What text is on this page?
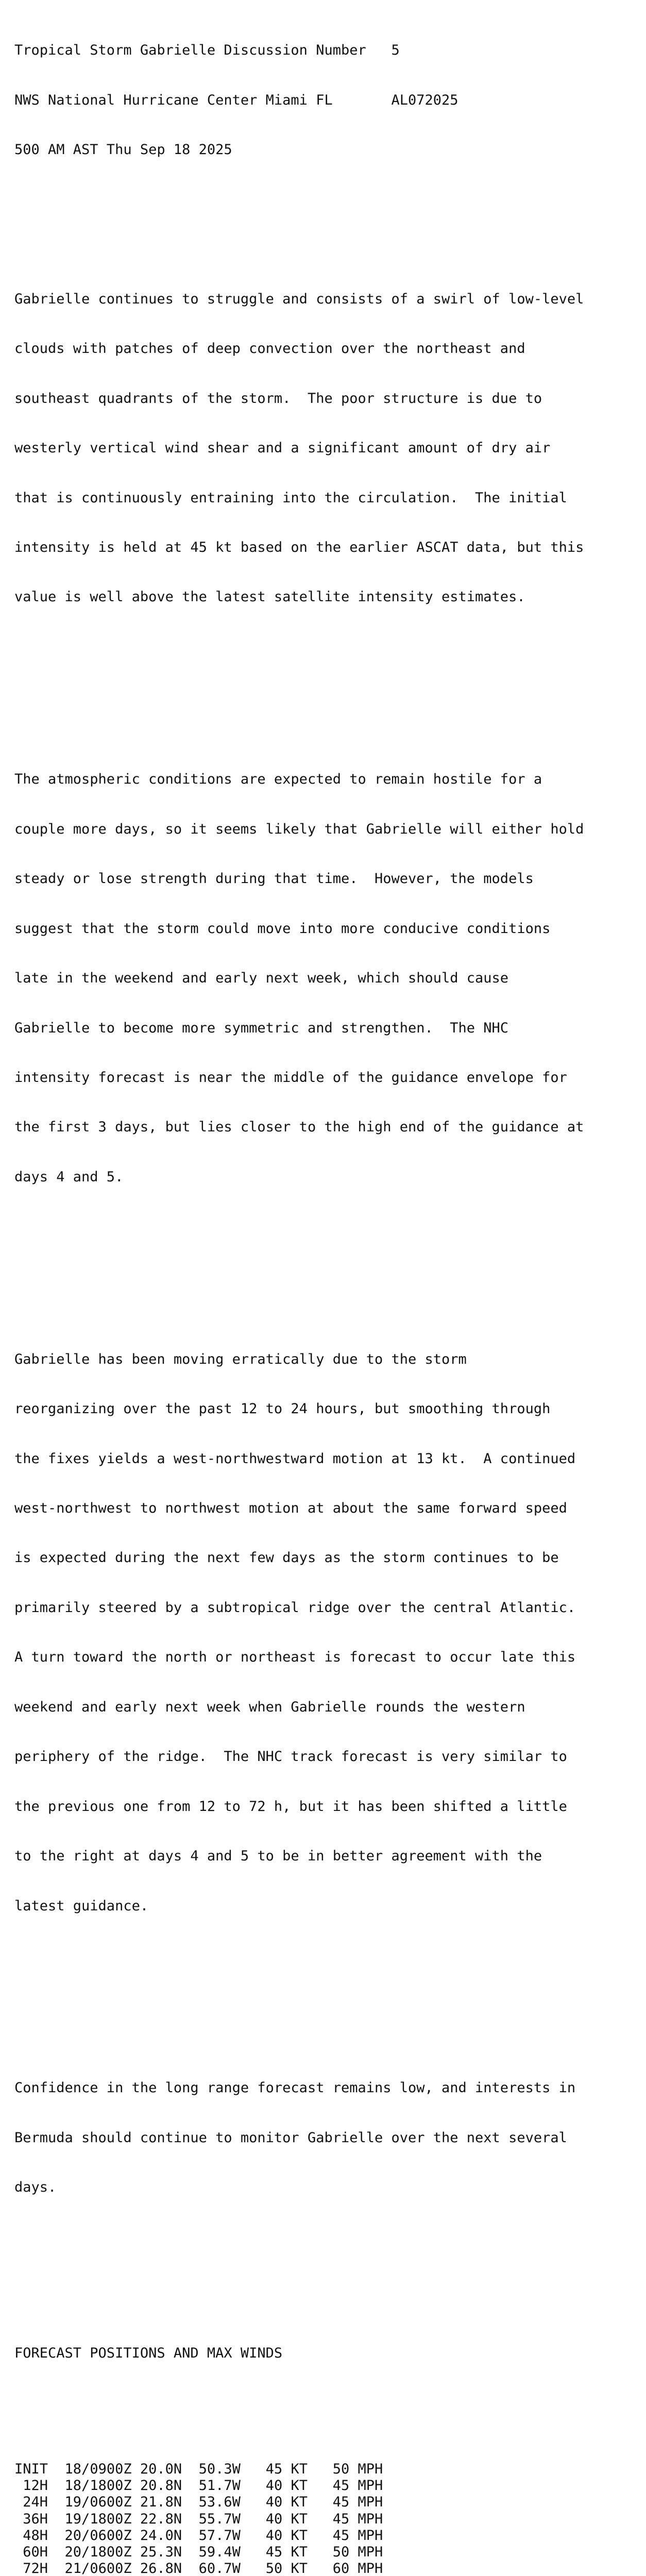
Tropical Storm Gabrielle Discussion Number   5

NWS National Hurricane Center Miami FL       AL072025

500 AM AST Thu Sep 18 2025

Gabrielle continues to struggle and consists of a swirl of low-level

clouds with patches of deep convection over the northeast and

southeast quadrants of the storm.  The poor structure is due to

westerly vertical wind shear and a significant amount of dry air

that is continuously entraining into the circulation.  The initial

intensity is held at 45 kt based on the earlier ASCAT data, but this

value is well above the latest satellite intensity estimates.

The atmospheric conditions are expected to remain hostile for a

couple more days, so it seems likely that Gabrielle will either hold

steady or lose strength during that time.  However, the models

suggest that the storm could move into more conducive conditions

late in the weekend and early next week, which should cause

Gabrielle to become more symmetric and strengthen.  The NHC

intensity forecast is near the middle of the guidance envelope for

the first 3 days, but lies closer to the high end of the guidance at

days 4 and 5.

Gabrielle has been moving erratically due to the storm

reorganizing over the past 12 to 24 hours, but smoothing through

the fixes yields a west-northwestward motion at 13 kt.  A continued

west-northwest to northwest motion at about the same forward speed

is expected during the next few days as the storm continues to be

primarily steered by a subtropical ridge over the central Atlantic.

A turn toward the north or northeast is forecast to occur late this

weekend and early next week when Gabrielle rounds the western

periphery of the ridge.  The NHC track forecast is very similar to

the previous one from 12 to 72 h, but it has been shifted a little

to the right at days 4 and 5 to be in better agreement with the

latest guidance.

Confidence in the long range forecast remains low, and interests in

Bermuda should continue to monitor Gabrielle over the next several

days.

FORECAST POSITIONS AND MAX WINDS

INIT 18/0900Z 20.0N 50.3W 45 KT 50 MPH
12H 18/1800Z 20.8N 51.7W 40 KT 45 MPH
24H 19/0600Z 21.8N 53.6W 40 KT 45 MPH
36H 19/1800Z 22.8N 55.7W 40 KT 45 MPH
48H 20/0600Z 24.0N 57.7W 40 KT 45 MPH
60H 20/1800Z 25.3N 59.4W 45 KT 50 MPH
72H 21/0600Z 26.8N 60.7W 50 KT 60 MPH
